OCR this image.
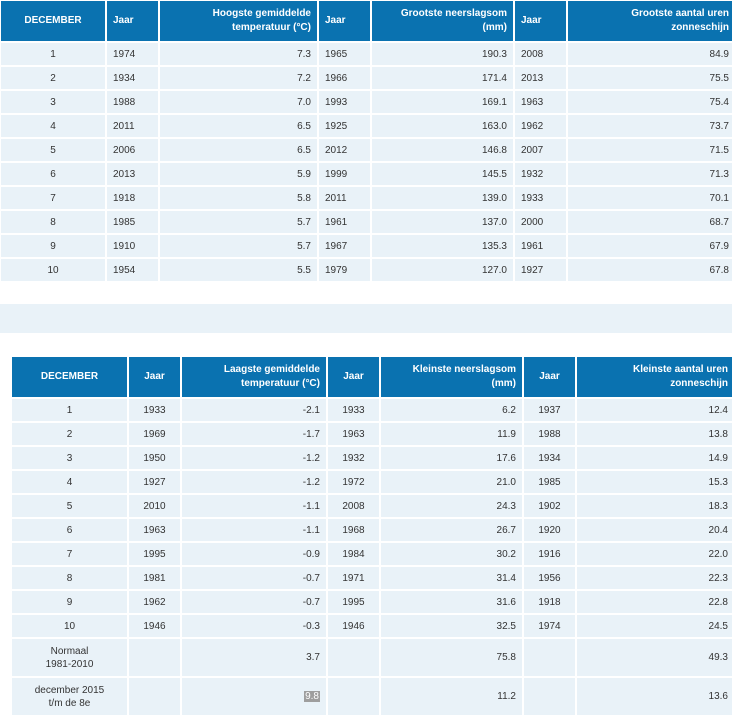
DECEMBER	Jaar	Hoogste gemiddelde temperatuur (°C)	Jaar	Grootste neerslagsom (mm)	Jaar	Grootste aantal uren zonneschijn
1	1974	7.3	1965	190.3	2008	84.9
2	1934	7.2	1966	171.4	2013	75.5
3	1988	7.0	1993	169.1	1963	75.4
4	2011	6.5	1925	163.0	1962	73.7
5	2006	6.5	2012	146.8	2007	71.5
6	2013	5.9	1999	145.5	1932	71.3
7	1918	5.8	2011	139.0	1933	70.1
8	1985	5.7	1961	137.0	2000	68.7
9	1910	5.7	1967	135.3	1961	67.9
10	1954	5.5	1979	127.0	1927	67.8
DECEMBER	Jaar	Laagste gemiddelde temperatuur (°C)	Jaar	Kleinste neerslagsom (mm)	Jaar	Kleinste aantal uren zonneschijn
1	1933	-2.1	1933	6.2	1937	12.4
2	1969	-1.7	1963	11.9	1988	13.8
3	1950	-1.2	1932	17.6	1934	14.9
4	1927	-1.2	1972	21.0	1985	15.3
5	2010	-1.1	2008	24.3	1902	18.3
6	1963	-1.1	1968	26.7	1920	20.4
7	1995	-0.9	1984	30.2	1916	22.0
8	1981	-0.7	1971	31.4	1956	22.3
9	1962	-0.7	1995	31.6	1918	22.8
10	1946	-0.3	1946	32.5	1974	24.5
Normaal
1981-2010		3.7		75.8		49.3
december 2015
t/m de 8e		9.8		11.2		13.6
